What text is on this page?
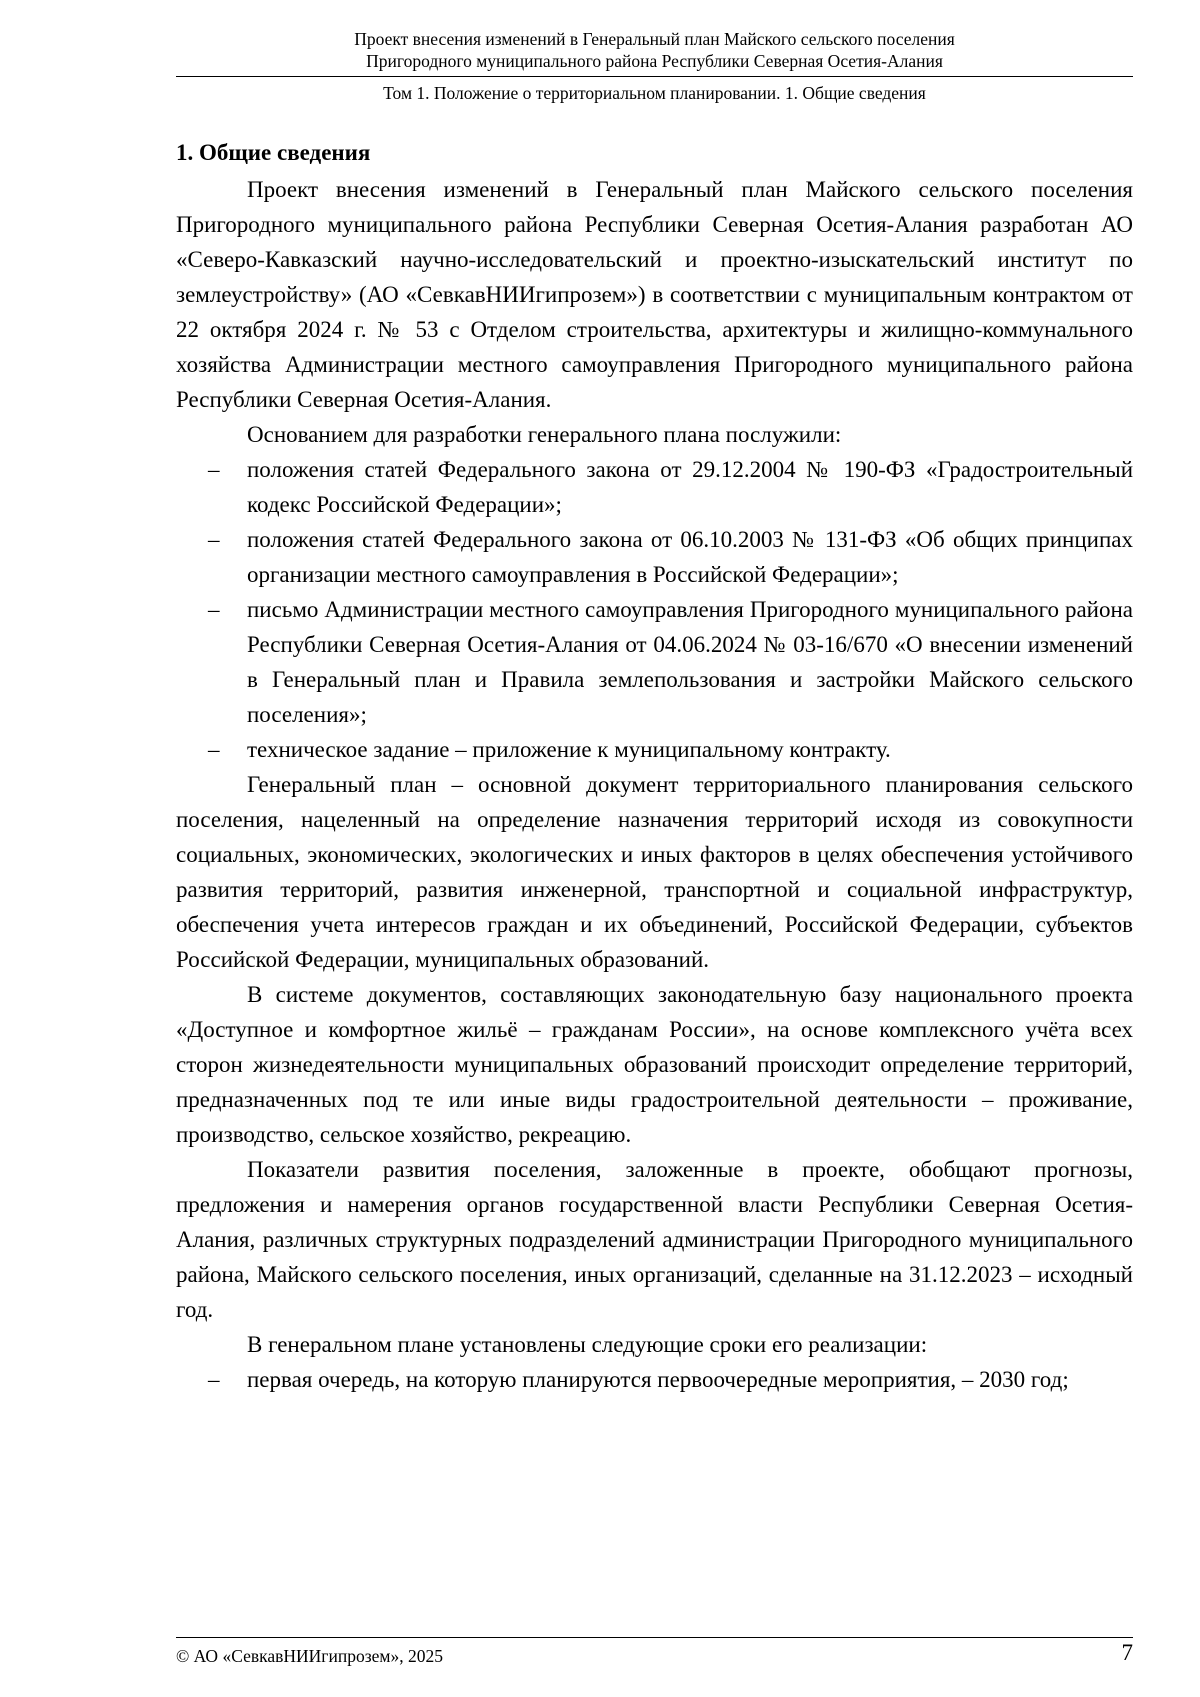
Проект внесения изменений в Генеральный план Майского сельского поселения
Пригородного муниципального района Республики Северная Осетия-Алания
Том 1. Положение о территориальном планировании. 1. Общие сведения
1. Общие сведения

Проект внесения изменений в Генеральный план Майского сельского поселения Пригородного муниципального района Республики Северная Осетия-Алания разработан АО «Северо-Кавказский научно-исследовательский и проектно-изыскательский институт по землеустройству» (АО «СевкавНИИгипрозем») в соответствии с муниципальным контрактом от 22 октября 2024 г. № 53 с Отделом строительства, архитектуры и жилищно-коммунального хозяйства Администрации местного самоуправления Пригородного муниципального района Республики Северная Осетия-Алания.

Основанием для разработки генерального плана послужили:

– положения статей Федерального закона от 29.12.2004 № 190-ФЗ «Градостроительный кодекс Российской Федерации»;
– положения статей Федерального закона от 06.10.2003 № 131-ФЗ «Об общих принципах организации местного самоуправления в Российской Федерации»;
– письмо Администрации местного самоуправления Пригородного муниципального района Республики Северная Осетия-Алания от 04.06.2024 № 03-16/670 «О внесении изменений в Генеральный план и Правила землепользования и застройки Майского сельского поселения»;
– техническое задание – приложение к муниципальному контракту.

Генеральный план – основной документ территориального планирования сельского поселения, нацеленный на определение назначения территорий исходя из совокупности социальных, экономических, экологических и иных факторов в целях обеспечения устойчивого развития территорий, развития инженерной, транспортной и социальной инфраструктур, обеспечения учета интересов граждан и их объединений, Российской Федерации, субъектов Российской Федерации, муниципальных образований.

В системе документов, составляющих законодательную базу национального проекта «Доступное и комфортное жильё – гражданам России», на основе комплексного учёта всех сторон жизнедеятельности муниципальных образований происходит определение территорий, предназначенных под те или иные виды градостроительной деятельности – проживание, производство, сельское хозяйство, рекреацию.

Показатели развития поселения, заложенные в проекте, обобщают прогнозы, предложения и намерения органов государственной власти Республики Северная Осетия-Алания, различных структурных подразделений администрации Пригородного муниципального района, Майского сельского поселения, иных организаций, сделанные на 31.12.2023 – исходный год.

В генеральном плане установлены следующие сроки его реализации:

– первая очередь, на которую планируются первоочередные мероприятия, – 2030 год;
© АО «СевкавНИИгипрозем», 2025	7
